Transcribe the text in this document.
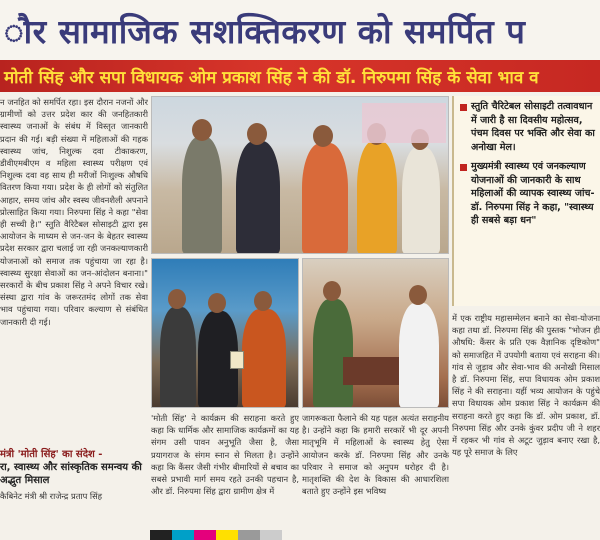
ौर सामाजिक सशक्तिकरण को समर्पित प
मोती सिंह और सपा विधायक ओम प्रकाश सिंह ने की डॉ. निरुपमा सिंह के सेवा भाव व

न जनहित को समर्पित रहा। इस दौरान नजनों और ग्रामीणों को उत्तर प्रदेश कार की जनहितकारी स्वास्थ्य जनाओं के संबंध में विस्तृत जानकारी प्रदान की गई। बड़ी संख्या में महिलाओं की गहक स्वास्थ्य जांच, निशुल्क दवा टीकाकरण, डीवीएमबीएम व महिला स्वास्थ्य परीक्षण एवं निशुल्क दवा वह साथ ही मरीजों निःशुल्क औषधि वितरण किया गया। प्रदेश के ही लोगों को संतुलित आहार, समय जांच और स्वस्थ जीवनशैली अपनाने प्रोत्साहित किया गया। निरुपमा सिंह ने कहा "सेवा ही सच्ची है।" स्तुति वैरिटैबल सोसाइटी द्वारा इस आयोजन के माध्यम से जन-जन के बेहतर स्वास्थ्य प्रदेश सरकार द्वारा चलाई जा रही जनकल्याणकारी योजनाओं को समाज तक पहुंचाया जा रहा है। स्वास्थ्य सुरक्षा सेवाओं का जन-आंदोलन बनाना।" सरकारों के बीच प्रकाश सिंह ने अपने विचार रखे। संस्था द्वारा गांव के जरूरतमंद लोगों तक सेवा भाव पहुंचाया गया। परिवार कल्याण से संबंधित जानकारी दी गई।

मंत्री 'मोती सिंह' का संदेश -
रा, स्वास्थ्य और सांस्कृतिक समन्वय की अद्भुत मिसाल
कैबिनेट मंत्री श्री राजेन्द्र प्रताप सिंह

'मोती सिंह' ने कार्यक्रम की सराहना करते हुए कहा कि धार्मिक और सामाजिक कार्यक्रमों का यह संगम उसी पावन अनुभूति जैसा है, जैसा प्रयागराज के संगम स्नान से मिलता है। उन्होंने कहा कि कैंसर जैसी गंभीर बीमारियों से बचाव का सबसे प्रभावी मार्ग समय रहते उनकी पहचान है, और डॉ. निरुपमा सिंह द्वारा ग्रामीण क्षेत्र में

जागरूकता फैलाने की यह पहल अत्यंत सराहनीय है। उन्होंने कहा कि हमारी सरकारें भी दूर अपनी मातृभूमि में महिलाओं के स्वास्थ्य हेतु ऐसा आयोजन करके डॉ. निरुपमा सिंह और उनके परिवार ने समाज को अनुपम धरोहर दी है। मातृशक्ति की देश के विकास की आधारशिला बताते हुए उन्होंने इस भविष्य

स्तुति चैरिटेबल सोसाइटी तत्वावधान में जारी है सा दिवसीय महोत्सव, पंचम दिवस पर भक्ति और सेवा का अनोखा मेल।
मुख्यमंत्री स्वास्थ्य एवं जनकल्याण योजनाओं की जानकारी के साथ महिलाओं की व्यापक स्वास्थ्य जांच- डॉ. निरुपमा सिंह ने कहा, "स्वास्थ्य ही सबसे बड़ा धन"

में एक राष्ट्रीय महासम्मेलन बनाने का सेवा-योजना कहा तथा डॉ. निरुपमा सिंह की पुस्तक "भोजन ही औषधि: कैंसर के प्रति एक वैज्ञानिक दृष्टिकोण" को समाजहित में उपयोगी बताया एवं सराहना की। गांव से जुड़ाव और सेवा-भाव की अनोखी मिसाल है डॉ. निरुपमा सिंह, सपा विधायक ओम प्रकाश सिंह ने की सराहना। यहीं भव्य आयोजन के पहुंचे सपा विधायक ओम प्रकाश सिंह ने कार्यक्रम की सराहना करते हुए कहा कि डॉ. ओम प्रकाश, डॉ. निरुपमा सिंह और उनके कुंवर प्रदीप जी ने शहर में रहकर भी गांव से अटूट जुड़ाव बनाए रखा है, यह पूरे समाज के लिए
